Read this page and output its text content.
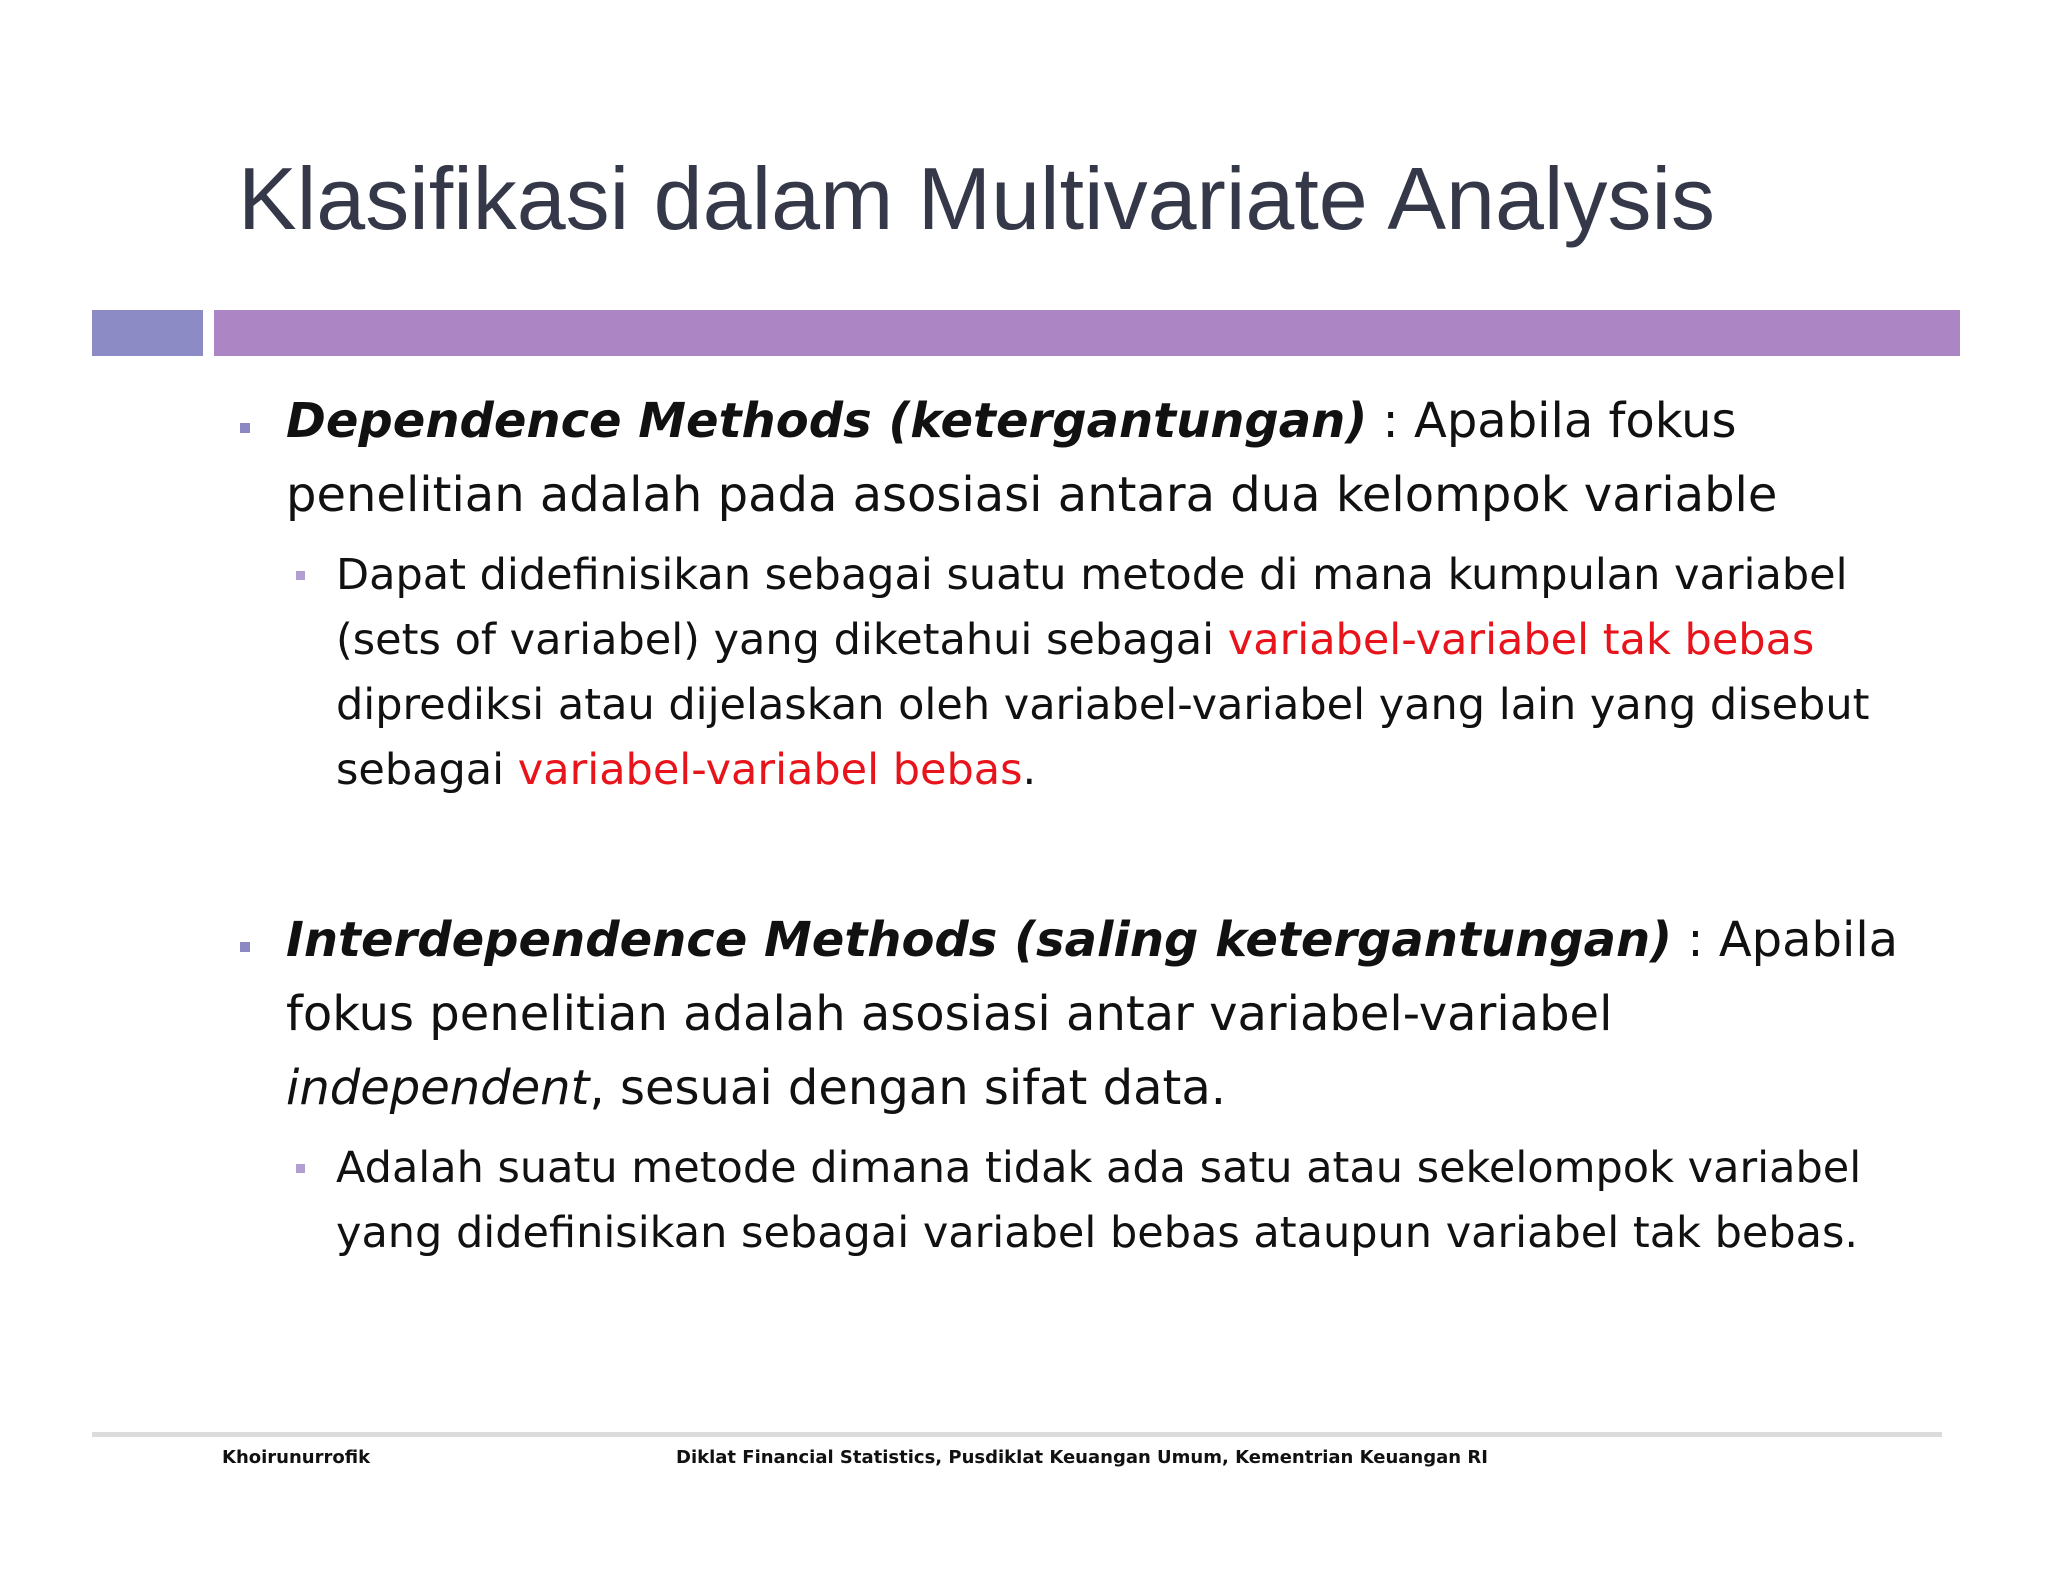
Klasifikasi dalam Multivariate Analysis

Dependence Methods (ketergantungan) : Apabila fokus penelitian adalah pada asosiasi antara dua kelompok variable

Dapat didefinisikan sebagai suatu metode di mana kumpulan variabel (sets of variabel) yang diketahui sebagai variabel-variabel tak bebas diprediksi atau dijelaskan oleh variabel-variabel yang lain yang disebut sebagai variabel-variabel bebas.

Interdependence Methods (saling ketergantungan) : Apabila fokus penelitian adalah asosiasi antar variabel-variabel independent, sesuai dengan sifat data.

Adalah suatu metode dimana tidak ada satu atau sekelompok variabel yang didefinisikan sebagai variabel bebas ataupun variabel tak bebas.

Khoirunurrofik	Diklat Financial Statistics, Pusdiklat Keuangan Umum, Kementrian Keuangan RI
